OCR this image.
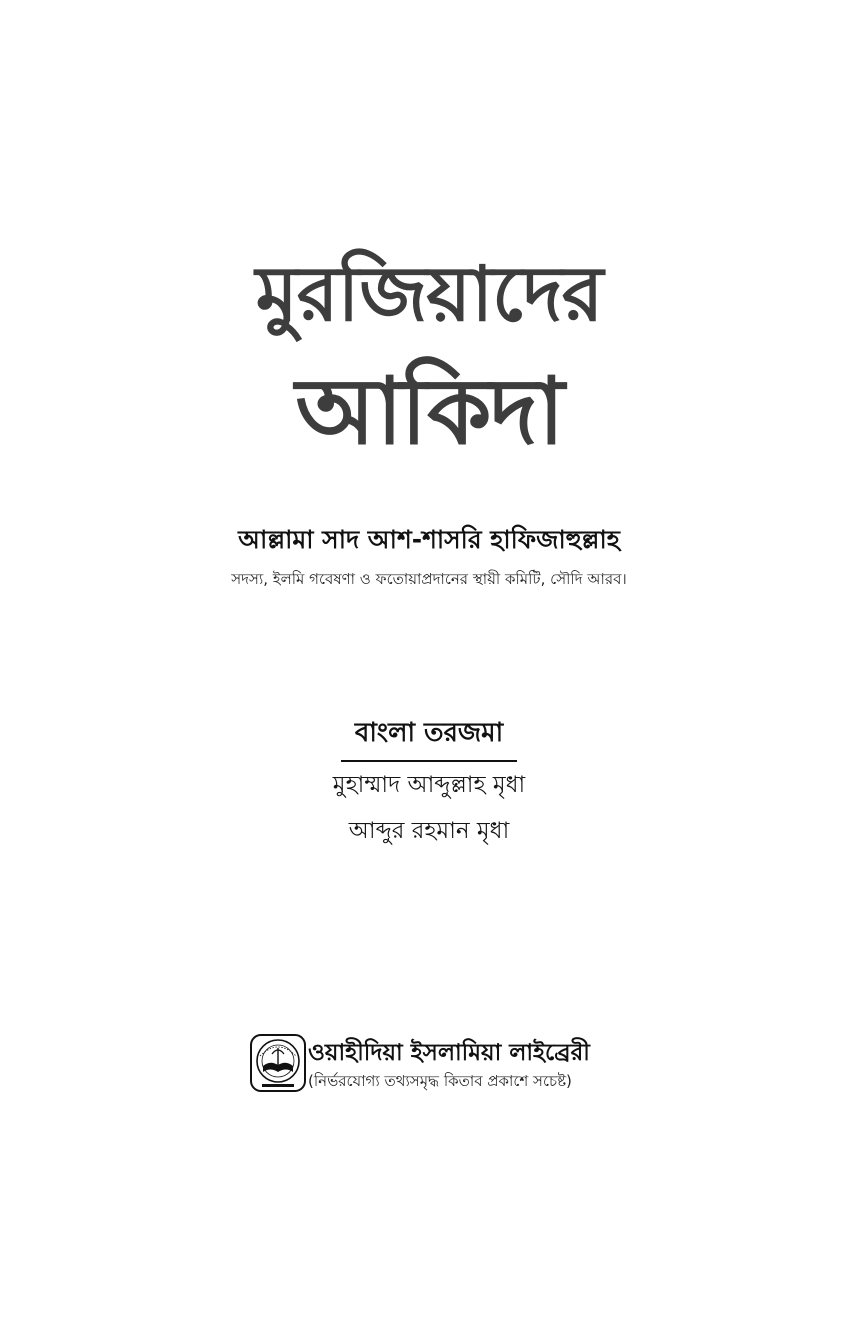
মুরজিয়াদের
আকিদা
আল্লামা সাদ আশ-শাসরি হাফিজাহুল্লাহ
সদস্য, ইলমি গবেষণা ও ফতোয়াপ্রদানের স্থায়ী কমিটি, সৌদি আরব।
বাংলা তরজমা
মুহাম্মাদ আব্দুল্লাহ মৃধা
আব্দুর রহমান মৃধা
ওয়াহীদিয়া ইসলামিয়া লাইব্রেরী
(নির্ভরযোগ্য তথ্যসমৃদ্ধ কিতাব প্রকাশে সচেষ্ট)
